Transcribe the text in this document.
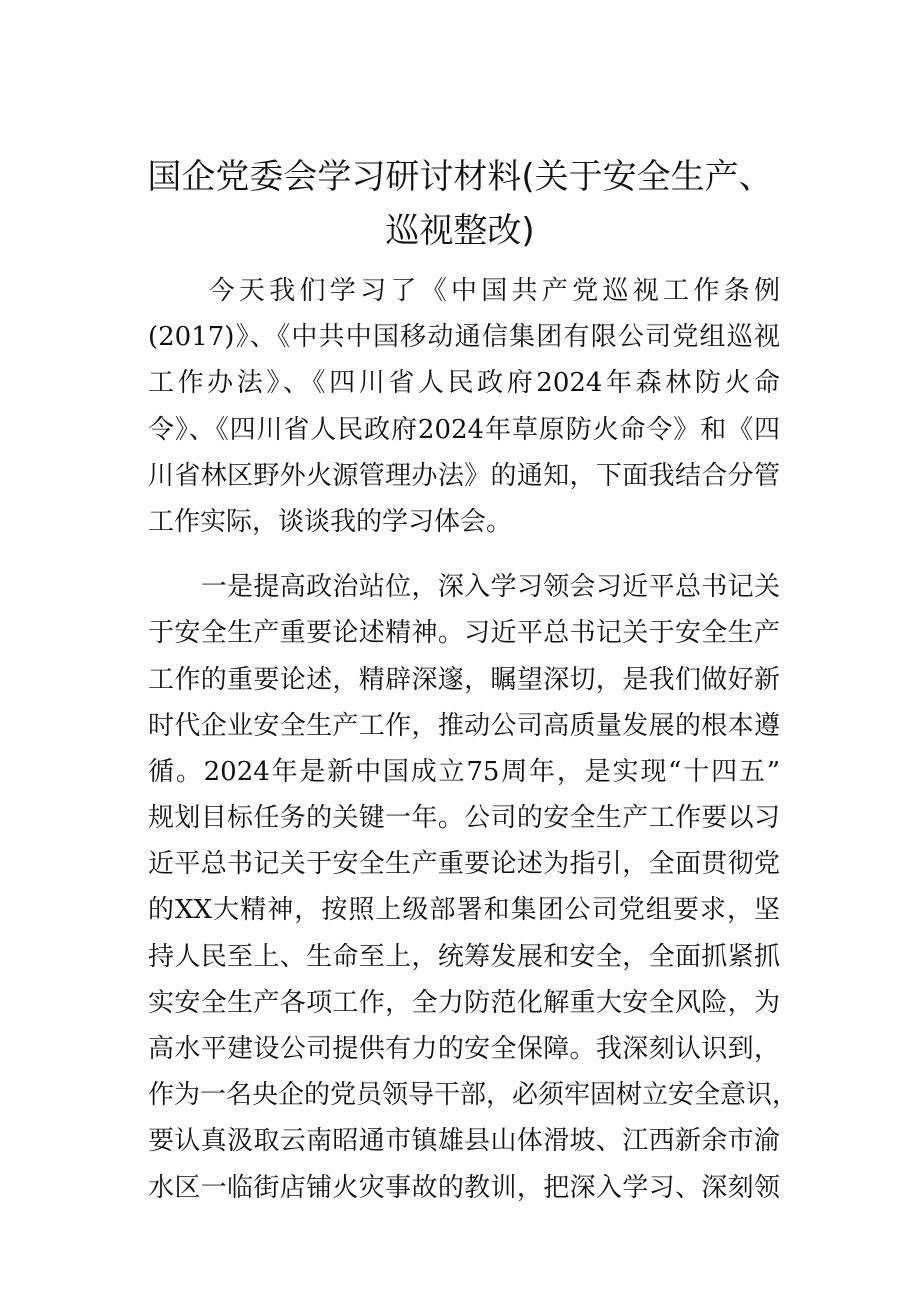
国企党委会学习研讨材料(关于安全生产、
巡视整改)
　　今天我们学习了《中国共产党巡视工作条例
(2017)》、《中共中国移动通信集团有限公司党组巡视
工作办法》、《四川省人民政府2024年森林防火命
令》、《四川省人民政府2024年草原防火命令》和《四
川省林区野外火源管理办法》的通知，下面我结合分管
工作实际，谈谈我的学习体会。
　　一是提高政治站位，深入学习领会习近平总书记关
于安全生产重要论述精神。习近平总书记关于安全生产
工作的重要论述，精辟深邃，瞩望深切，是我们做好新
时代企业安全生产工作，推动公司高质量发展的根本遵
循。2024年是新中国成立75周年，是实现“十四五”
规划目标任务的关键一年。公司的安全生产工作要以习
近平总书记关于安全生产重要论述为指引，全面贯彻党
的XX大精神，按照上级部署和集团公司党组要求，坚
持人民至上、生命至上，统筹发展和安全，全面抓紧抓
实安全生产各项工作，全力防范化解重大安全风险，为
高水平建设公司提供有力的安全保障。我深刻认识到，
作为一名央企的党员领导干部，必须牢固树立安全意识，
要认真汲取云南昭通市镇雄县山体滑坡、江西新余市渝
水区一临街店铺火灾事故的教训，把深入学习、深刻领
